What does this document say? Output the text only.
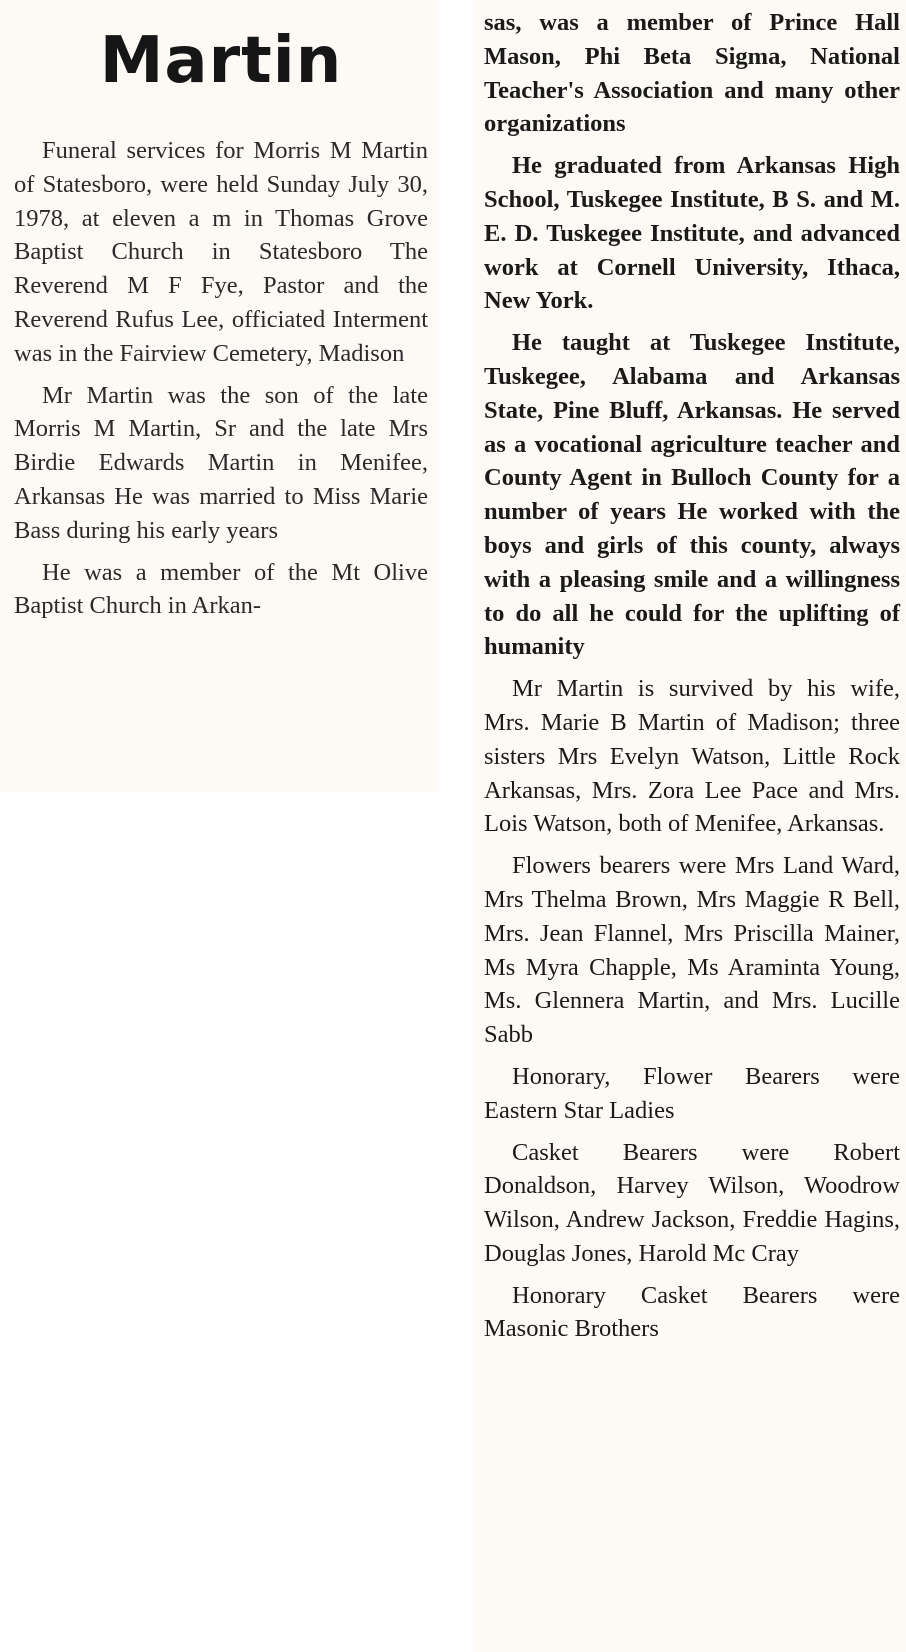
Martin

Funeral services for Morris M Martin of Statesboro, were held Sunday July 30, 1978, at eleven a m in Thomas Grove Baptist Church in Statesboro The Reverend M F Fye, Pastor and the Reverend Rufus Lee, officiated Interment was in the Fairview Cemetery, Madison

Mr Martin was the son of the late Morris M Martin, Sr and the late Mrs Birdie Edwards Martin in Menifee, Arkansas He was married to Miss Marie Bass during his early years

He was a member of the Mt Olive Baptist Church in Arkan-

sas, was a member of Prince Hall Mason, Phi Beta Sigma, National Teacher's Association and many other organizations

He graduated from Arkansas High School, Tuskegee Institute, B S. and M. E. D. Tuskegee Institute, and advanced work at Cornell University, Ithaca, New York.

He taught at Tuskegee Institute, Tuskegee, Alabama and Arkansas State, Pine Bluff, Arkansas. He served as a vocational agriculture teacher and County Agent in Bulloch County for a number of years He worked with the boys and girls of this county, always with a pleasing smile and a willingness to do all he could for the uplifting of humanity

Mr Martin is survived by his wife, Mrs. Marie B Martin of Madison; three sisters Mrs Evelyn Watson, Little Rock Arkansas, Mrs. Zora Lee Pace and Mrs. Lois Watson, both of Menifee, Arkansas.

Flowers bearers were Mrs Land Ward, Mrs Thelma Brown, Mrs Maggie R Bell, Mrs. Jean Flannel, Mrs Priscilla Mainer, Ms Myra Chapple, Ms Araminta Young, Ms. Glennera Martin, and Mrs. Lucille Sabb

Honorary, Flower Bearers were Eastern Star Ladies

Casket Bearers were Robert Donaldson, Harvey Wilson, Woodrow Wilson, Andrew Jackson, Freddie Hagins, Douglas Jones, Harold Mc Cray

Honorary Casket Bearers were Masonic Brothers
